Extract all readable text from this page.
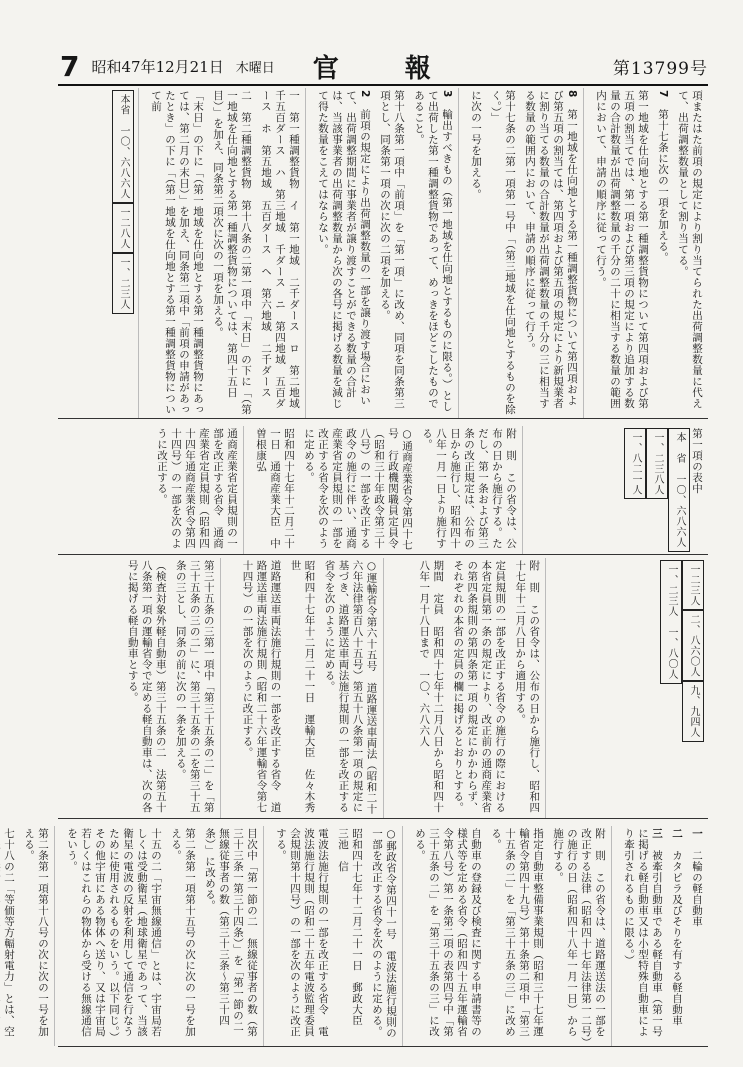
7 昭和47年12月21日 木曜日 官　報	第13799号
項またはた前項の規定により割り当てられた出荷調整数量に代えて、出荷調整数量として割り当てる。
7　第十七条に次の一項を加える。
第一地域を仕向地とする第一種調整貨物について第四項および第五項の割当てでは、第一項および第三項の規定により追加する数量の合計数量が出荷調整数量の千分の二十に相当する数量の範囲内において、申請の順序に従って行う。
8　第一地域を仕向地とする第一種調整貨物について第四項および第五項の割当ては、第四項および第五項の規定により新規業者に割り当てる数量の合計数量が出荷調整数量の千分の三に相当する数量の範囲内において、申請の順序に従って行う。
第十七条の二第一項第一号中「（第三地域を仕向地とするものを除く。）」
に次の一号を加える。
3　輸出すべきもの（第一地域を仕向地とするものに限る。）として出荷した第一種調整貨物であって、めっきをほどこしたものであること。
第十八条第一項中「前項」を「第一項」に改め、同項を同条第三項とし、同条第一項の次に次の二項を加える。
2　前項の規定により出荷調整数量の一部を譲り渡す場合において、出荷調整期間に事業者が譲り渡すことができる数量の合計は、当該事業者の出荷調整数量から次の各号に掲げる数量を減じて得た数量をこえてはならない。
一　第一種調整貨物　イ　第一地域　二千ダース　ロ　第二地域　千五百ダース　ハ　第三地域　千ダース　ニ　第四地域　五百ダース　ホ　第五地域　五百ダース　ヘ　第六地域　二千ダース
二　第二種調整貨物　第十八条の二第一項中「末日」の下に「（第一地域を仕向地とする第一種調整貨物については、第四十五日目）」を加え、同条第二項次に次の一項を加える。
「末日」の下に「（第一地域を仕向地とする第一種調整貨物にあっては、第二月の末日）」を加え、同条第二項中「前項の申請があったとき」の下に「（第一地域を仕向地とする第一種調整貨物について前
本省　一〇、六八六人一二八人一、二三人
第一項の表中
本　省　一〇、六八六人一、二三八人一、八二一人
附　則　この省令は、公布の日から施行する。ただし、第一条および第三条の改正規定は、公布の日から施行し、昭和四十八年一月一日より施行する。
○通商産業省令第四十七号　行政機関職員定員令（昭和三十年政令第三十八号）の一部を改正する政令の施行に伴い、通商産業省定員規則の一部を改正する省令を次のように定める。
昭和四十七年十二月二十一日　通商産業大臣　中曽根康弘
通商産業省定員規則の一部を改正する省令　通商産業省定員規則（昭和四十四年通商産業省令第四十四号）の一部を次のように改正する。
一二三人二、八六〇人九、九四人一、二三人　一、八〇人
附　則　この省令は、公布の日から施行し、昭和四十七年十二月八日から適用する。
定員規則の一部を改正する省令の施行の際における本省定員第一条の規定により、改正前の通商産業省の第四条規則の第四条第一項の規定にかかわらず、それぞれの本省の定員の欄に掲げるとおりとする。
期間　定員　昭和四十七年十二月八日から昭和四十八年一月十八日まで　一〇、六八六人
○運輸省令第六十五号　道路運送車両法（昭和二十六年法律第百八十五号）第五十八条第一項の規定に基づき、道路運送車両法施行規則の一部を改正する省令を次のように定める。
昭和四十七年十二月二十一日　運輸大臣　佐々木秀世
道路運送車両法施行規則の一部を改正する省令　道路運送車両法施行規則（昭和二十六年運輸省令第七十四号）の一部を次のように改正する。
第三十五条の三第一項中「第三十五条の二」を「第三十五条の三の二」に、第三十五条の二を第三十五条の三とし、同条の前に次の一条を加える。
（検査対象外軽自動車）第三十五条の二　法第五十八条第一項の運輸省令で定める軽自動車は、次の各号に掲げる軽自動車とする。
一　二輪の軽自動車
二　カタピラ及びそりを有する軽自動車
三　被牽引自動車である軽自動車（第一号に掲げる軽自動車又は小型特殊自動車により牽引されるものに限る。）
附　則　この省令は、道路運送法の一部を改正する法律（昭和四十七年法律第一二号）の施行の日（昭和四十八年一月一日）から施行する。
指定自動車整備事業規則（昭和三十七年運輸省令第四十九号）第十条第二項中「第三十五条の二」を「第三十五条の三」に改める。
自動車の登録及び検査に関する申請書等の様式等を定める省令（昭和四十五年運輸省令第八号）第一条第二項の表第四号中「第三十五条の二」を「第三十五条の三」に改める。
○郵政省令第四十一号　電波法施行規則の一部を改正する省令を次のように定める。
昭和四十七年十二月二十一日　郵政大臣　三池　信
電波法施行規則の一部を改正する省令　電波法施行規則（昭和二十五年電波監理委員会規則第十四号）の一部を次のように改正する。
目次中「第一節の二　無線従事者の数（第三十三条一第三十四条）」を「第一節の二　無線従事者の数（第三十三条〜第三十四条）」に改める。
第二条第一項第十五号の次に次の一号を加える。
十五の二「宇宙無線通信」とは、宇宙局若しくは受動衛星（地球衛星であって、当該衛星の電波の反射を利用して通信を行なうために使用されるものをいう。以下同じ。）その他宇宙にある物体へ送り、又は宇宙局若しくはこれらの物体から受ける無線通信をいう。
第二条第一項第十八号の次に次の一号を加える。
七十八の二「等価等方輻射電力」とは、空
